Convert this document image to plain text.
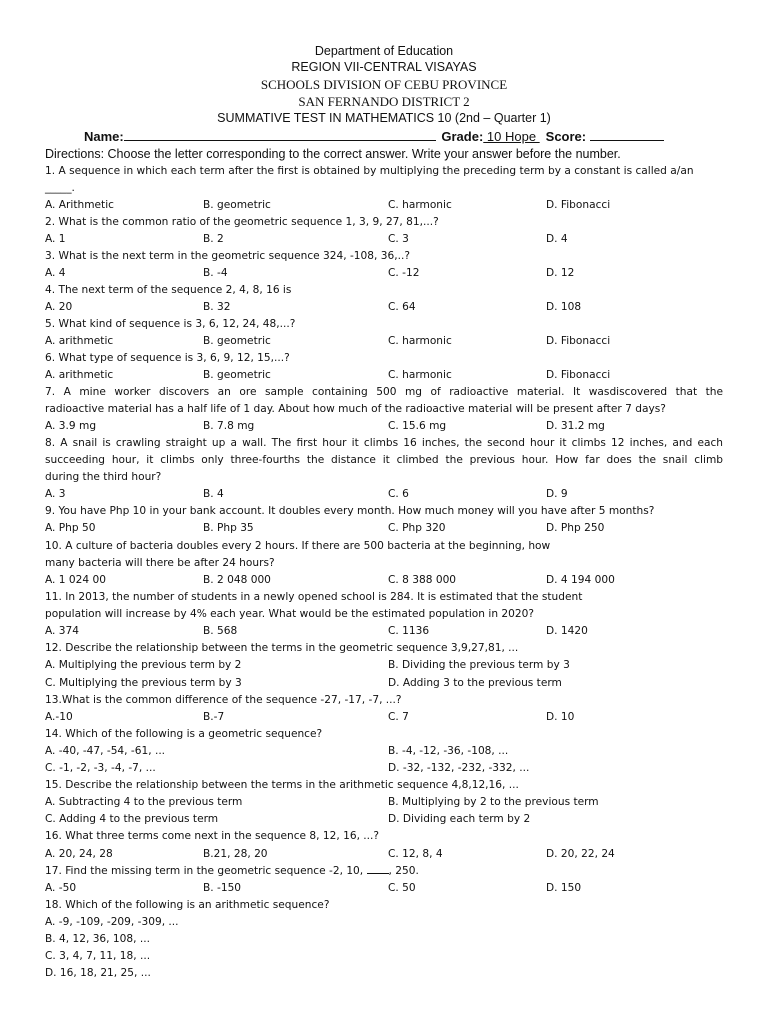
Department of Education
REGION VII-CENTRAL VISAYAS
SCHOOLS DIVISION OF CEBU PROVINCE
SAN FERNANDO DISTRICT 2
SUMMATIVE TEST IN MATHEMATICS 10 (2nd – Quarter 1)
Name:	Grade: 10 Hope Score:
Directions: Choose the letter corresponding to the correct answer. Write your answer before the number.
1. A sequence in which each term after the first is obtained by multiplying the preceding term by a constant is called a/an
_____.
A. Arithmetic	B. geometric	C. harmonic	D. Fibonacci
2. What is the common ratio of the geometric sequence 1, 3, 9, 27, 81,...?
A. 1	B. 2	C. 3	D. 4
3. What is the next term in the geometric sequence 324, -108, 36,..?
A. 4	B. -4	C. -12	D. 12
4. The next term of the sequence 2, 4, 8, 16 is
A. 20	B. 32	C. 64	D. 108
5. What kind of sequence is 3, 6, 12, 24, 48,...?
A. arithmetic	B. geometric	C. harmonic	D. Fibonacci
6. What type of sequence is 3, 6, 9, 12, 15,...?
A. arithmetic	B. geometric	C. harmonic	D. Fibonacci
7. A mine worker discovers an ore sample containing 500 mg of radioactive material. It wasdiscovered that the
radioactive material has a half life of 1 day. About how much of the radioactive material will be present after 7 days?
A. 3.9 mg	B. 7.8 mg	C. 15.6 mg	D. 31.2 mg
8. A snail is crawling straight up a wall. The first hour it climbs 16 inches, the second hour it climbs 12 inches, and each
succeeding hour, it climbs only three-fourths the distance it climbed the previous hour. How far does the snail climb
during the third hour?
A. 3	B. 4	C. 6	D. 9
9. You have Php 10 in your bank account. It doubles every month. How much money will you have after 5 months?
A. Php 50	B. Php 35	C. Php 320	D. Php 250
10. A culture of bacteria doubles every 2 hours. If there are 500 bacteria at the beginning, how
many bacteria will there be after 24 hours?
A. 1 024 00	B. 2 048 000	C. 8 388 000	D. 4 194 000
11. In 2013, the number of students in a newly opened school is 284. It is estimated that the student
population will increase by 4% each year. What would be the estimated population in 2020?
A. 374	B. 568	C. 1136	D. 1420
12. Describe the relationship between the terms in the geometric sequence 3,9,27,81, ...
A. Multiplying the previous term by 2	B. Dividing the previous term by 3
C. Multiplying the previous term by 3	D. Adding 3 to the previous term
13.What is the common difference of the sequence -27, -17, -7, ...?
A.-10	B.-7	C. 7	D. 10
14. Which of the following is a geometric sequence?
A. -40, -47, -54, -61, ...	B. -4, -12, -36, -108, ...
C. -1, -2, -3, -4, -7, ...	D. -32, -132, -232, -332, ...
15. Describe the relationship between the terms in the arithmetic sequence 4,8,12,16, ...
A. Subtracting 4 to the previous term	B. Multiplying by 2 to the previous term
C. Adding 4 to the previous term	D. Dividing each term by 2
16. What three terms come next in the sequence 8, 12, 16, ...?
A. 20, 24, 28	B.21, 28, 20	C. 12, 8, 4	D. 20, 22, 24
17. Find the missing term in the geometric sequence -2, 10, , 250.
A. -50	B. -150	C. 50	D. 150
18. Which of the following is an arithmetic sequence?
A. -9, -109, -209, -309, ...
B. 4, 12, 36, 108, ...
C. 3, 4, 7, 11, 18, ...
D. 16, 18, 21, 25, ...
